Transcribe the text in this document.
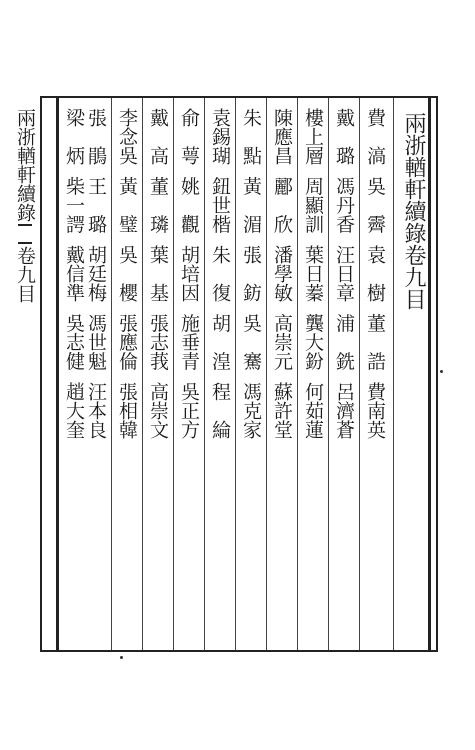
兩浙輶軒續錄卷九目	兩浙輶軒續錄卷九目
費　滈　吳　霽　袁　樹　董　誥　費南英
戴　璐　馮丹香　汪日章　浦　銑　呂濟蒼
樓上層　周顯訓　葉日蓁　龔大鈖　何茹蓮
陳應昌　酈　欣　潘學敏　高崇元　蘇許堂
朱　點　黃　湄　張　鈁　吳　騫　馮克家
袁錫瑚　鈕世楷　朱　復　胡　湟　程　綸
俞　萼　姚　觀　胡培因　施垂青　吳正方
戴　高　董　璘　葉　基　張志莪　高崇文
李念吳　黃　璧　吳　櫻　張應倫　張相韓
張　鵑　王　璐　胡廷梅　馮世魁　汪本良
梁　炳　柴一諤　戴信準　吳志健　趙大奎
